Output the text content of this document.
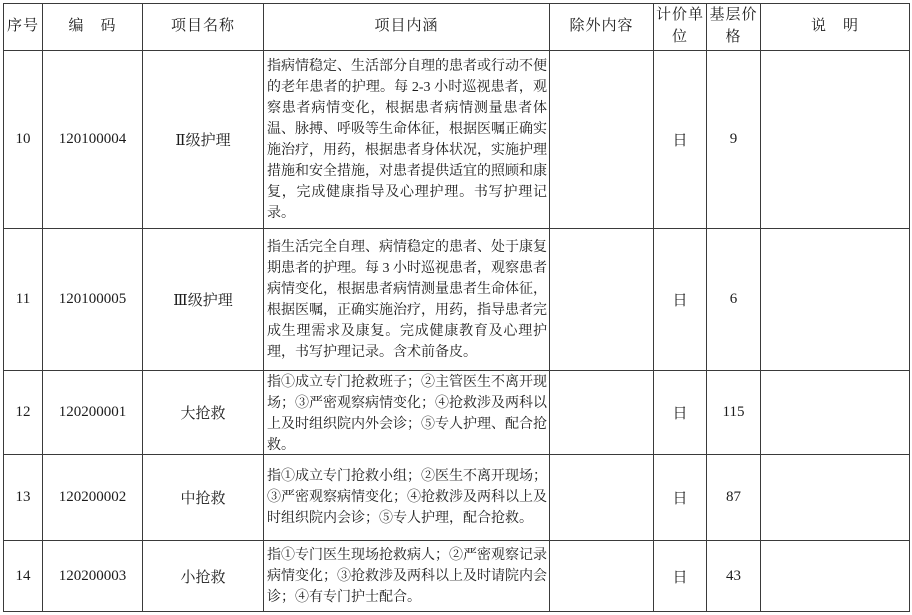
序号	编　码	项目名称	项目内涵	除外内容	计价单位	基层价格	说　明
10	120100004	Ⅱ级护理	指病情稳定、生活部分自理的患者或行动不便的老年患者的护理。每 2-3 小时巡视患者，观察患者病情变化，根据患者病情测量患者体温、脉搏、呼吸等生命体征，根据医嘱正确实施治疗，用药，根据患者身体状况，实施护理措施和安全措施，对患者提供适宜的照顾和康复，完成健康指导及心理护理。书写护理记录。		日	9	
11	120100005	Ⅲ级护理	指生活完全自理、病情稳定的患者、处于康复期患者的护理。每 3 小时巡视患者，观察患者病情变化，根据患者病情测量患者生命体征，根据医嘱，正确实施治疗，用药，指导患者完成生理需求及康复。完成健康教育及心理护理，书写护理记录。含术前备皮。		日	6	
12	120200001	大抢救	指①成立专门抢救班子；②主管医生不离开现场；③严密观察病情变化；④抢救涉及两科以上及时组织院内外会诊；⑤专人护理、配合抢救。		日	115	
13	120200002	中抢救	指①成立专门抢救小组；②医生不离开现场；③严密观察病情变化；④抢救涉及两科以上及时组织院内会诊；⑤专人护理，配合抢救。		日	87	
14	120200003	小抢救	指①专门医生现场抢救病人；②严密观察记录病情变化；③抢救涉及两科以上及时请院内会诊；④有专门护士配合。		日	43	
